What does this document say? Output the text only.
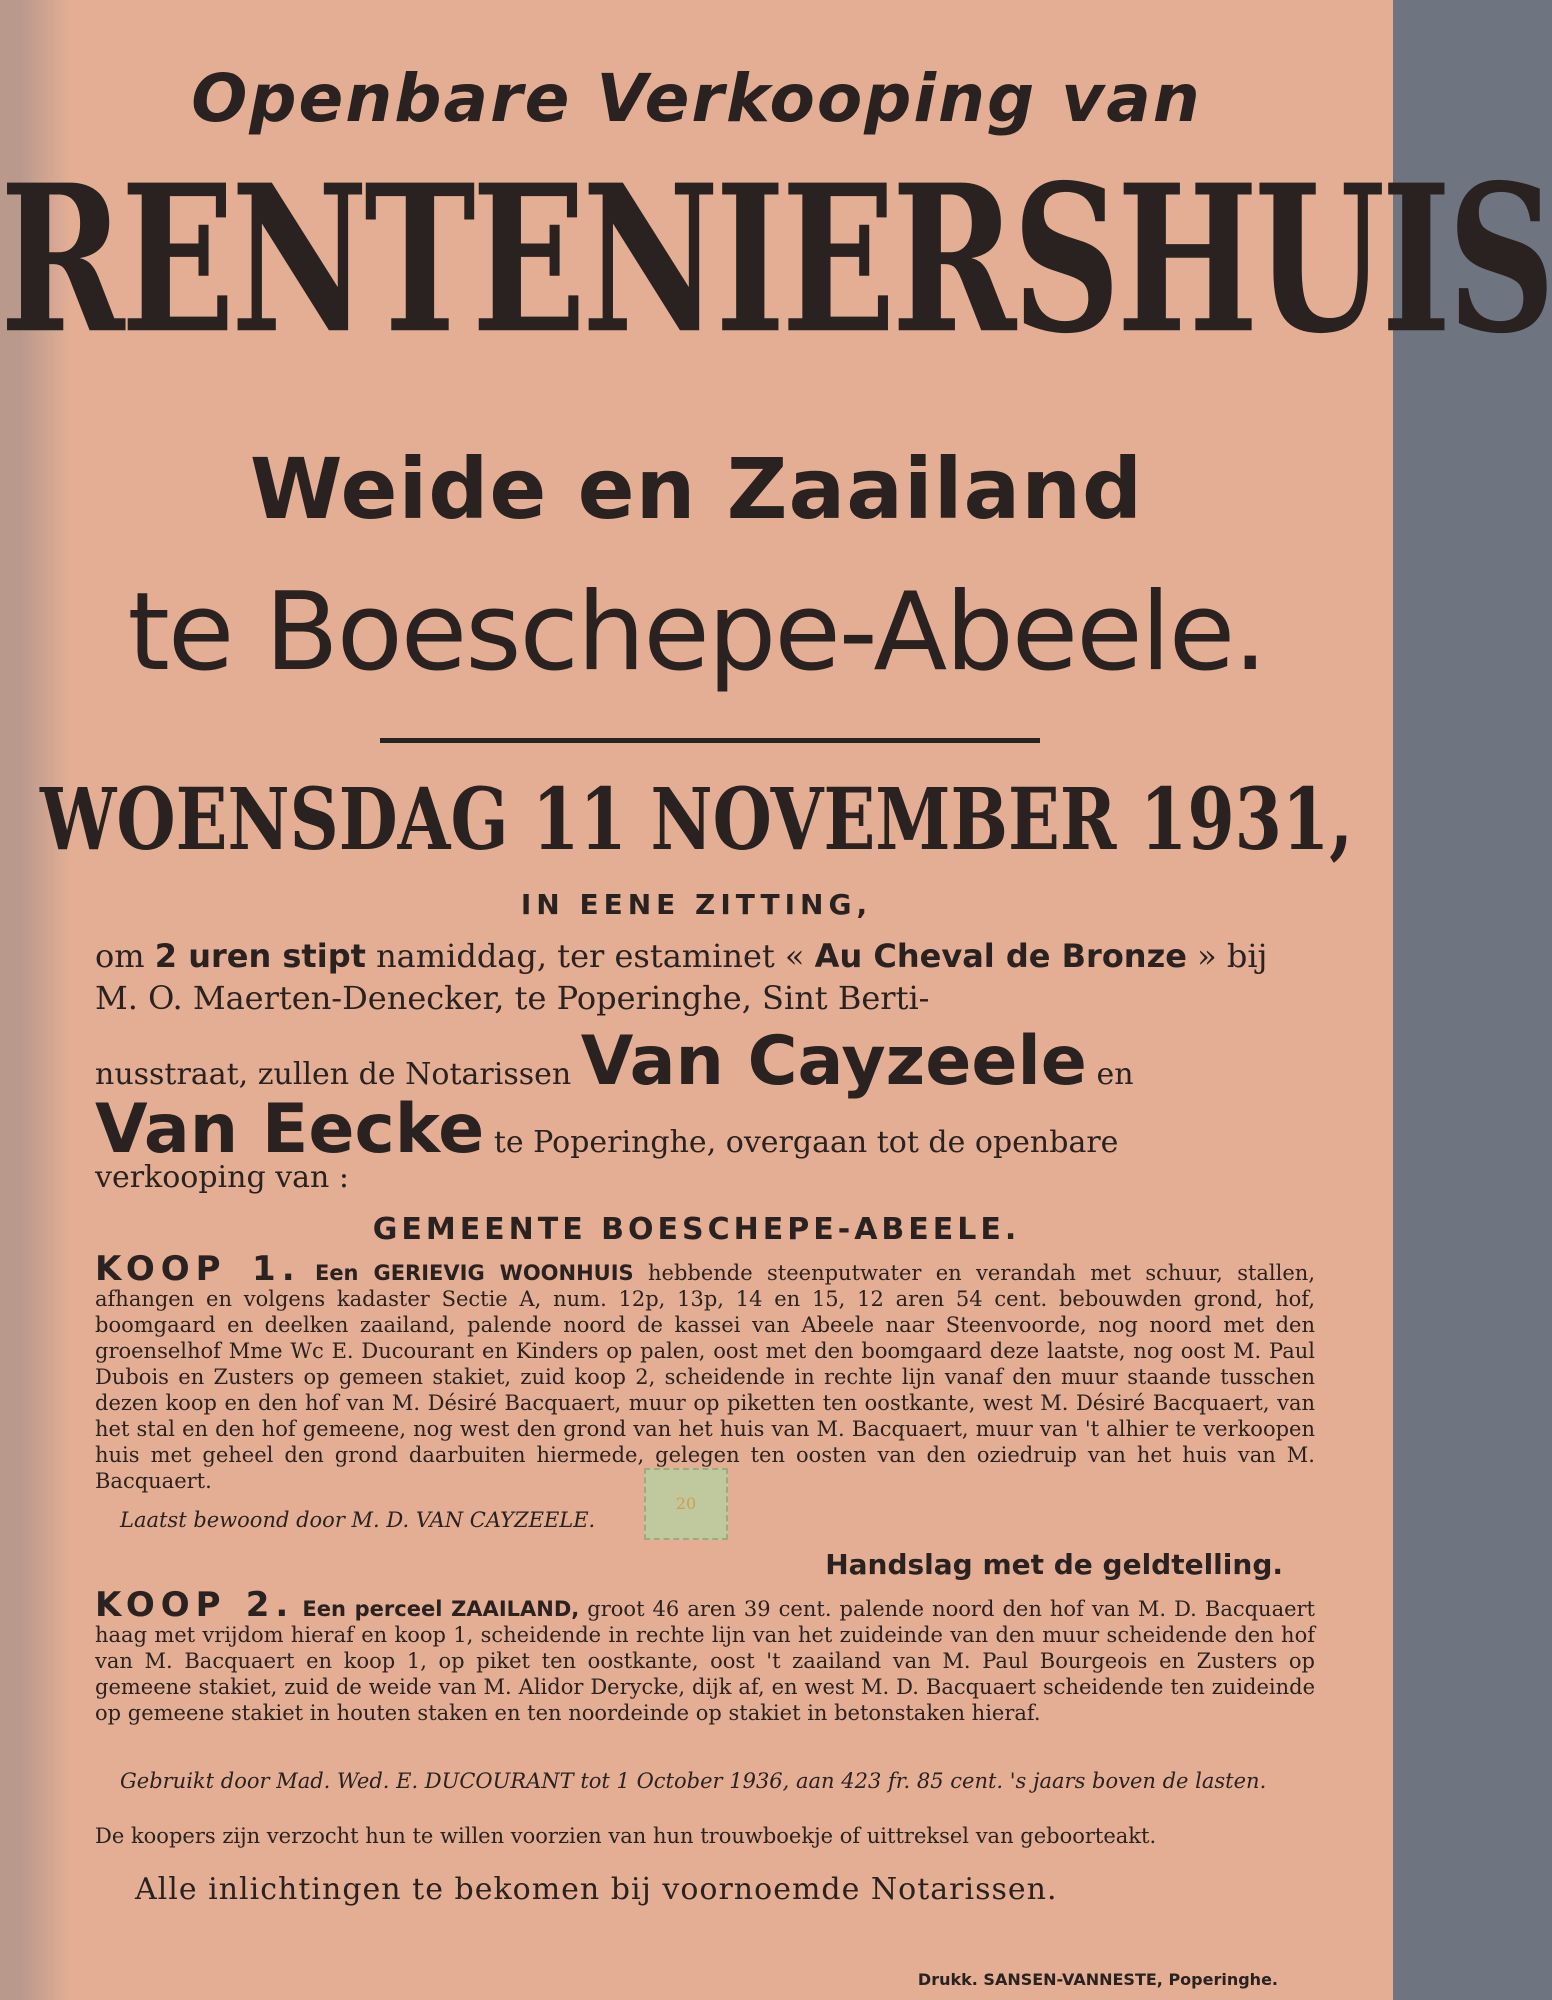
Openbare Verkooping van
RENTENIERSHUIS
Weide en Zaailand
te Boeschepe-Abeele.
WOENSDAG 11 NOVEMBER 1931,
IN EENE ZITTING,
om 2 uren stipt namiddag, ter estaminet « Au Cheval de Bronze » bij M. O. Maerten-Denecker, te Poperinghe, Sint Berti-
nusstraat, zullen de Notarissen Van Cayzeele en
Van Eecke te Poperinghe, overgaan tot de openbare
verkooping van :
GEMEENTE BOESCHEPE-ABEELE.
KOOP 1. Een GERIEVIG WOONHUIS hebbende steenputwater en verandah met schuur, stallen, afhangen en volgens kadaster Sectie A, num. 12p, 13p, 14 en 15, 12 aren 54 cent. bebouwden grond, hof, boomgaard en deelken zaailand, palende noord de kassei van Abeele naar Steenvoorde, nog noord met den groenselhof Mme Wc E. Ducourant en Kinders op palen, oost met den boomgaard deze laatste, nog oost M. Paul Dubois en Zusters op gemeen stakiet, zuid koop 2, scheidende in rechte lijn vanaf den muur staande tusschen dezen koop en den hof van M. Désiré Bacquaert, muur op piketten ten oostkante, west M. Désiré Bacquaert, van het stal en den hof gemeene, nog west den grond van het huis van M. Bacquaert, muur van 't alhier te verkoopen huis met geheel den grond daarbuiten hiermede, gelegen ten oosten van den oziedruip van het huis van M. Bacquaert.
20
Laatst bewoond door M. D. VAN CAYZEELE.
Handslag met de geldtelling.
KOOP 2. Een perceel ZAAILAND, groot 46 aren 39 cent. palende noord den hof van M. D. Bacquaert haag met vrijdom hieraf en koop 1, scheidende in rechte lijn van het zuideinde van den muur scheidende den hof van M. Bacquaert en koop 1, op piket ten oostkante, oost 't zaailand van M. Paul Bourgeois en Zusters op gemeene stakiet, zuid de weide van M. Alidor Derycke, dijk af, en west M. D. Bacquaert scheidende ten zuideinde op gemeene stakiet in houten staken en ten noordeinde op stakiet in betonstaken hieraf.
Gebruikt door Mad. Wed. E. DUCOURANT tot 1 October 1936, aan 423 fr. 85 cent. 's jaars boven de lasten.
De koopers zijn verzocht hun te willen voorzien van hun trouwboekje of uittreksel van geboorteakt.
Alle inlichtingen te bekomen bij voornoemde Notarissen.
Drukk. SANSEN-VANNESTE, Poperinghe.
